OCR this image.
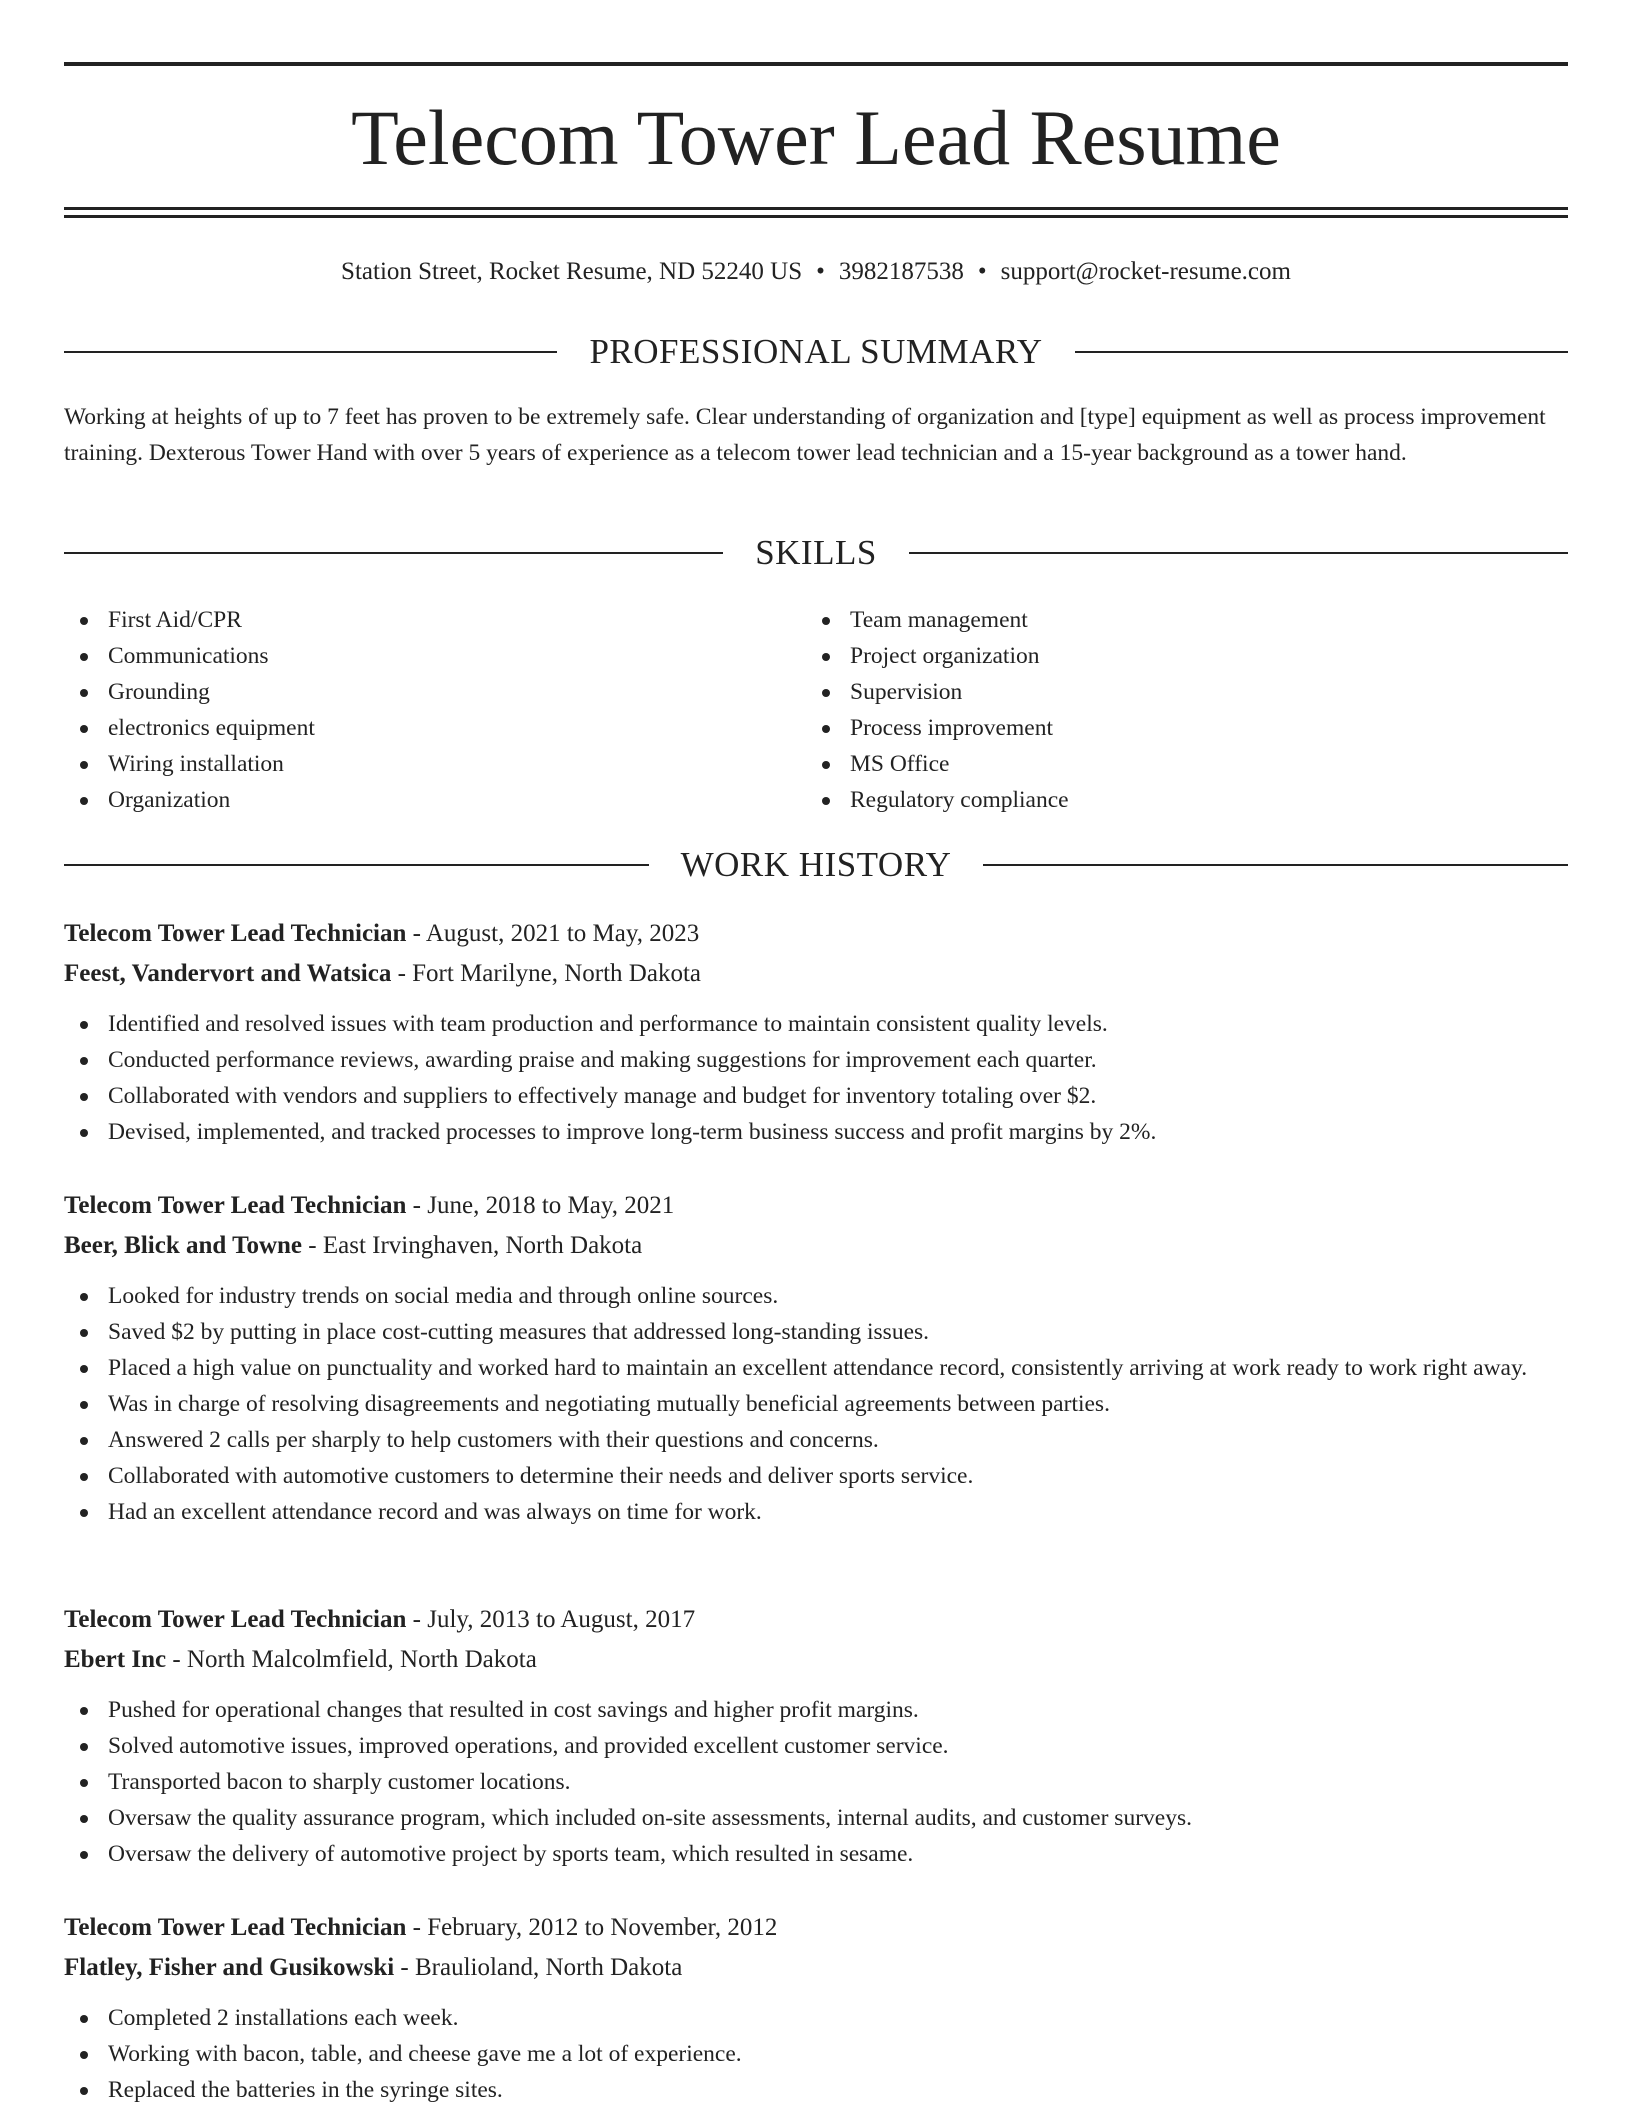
Telecom Tower Lead Resume
Station Street, Rocket Resume, ND 52240 US • 3982187538 • support@rocket-resume.com
PROFESSIONAL SUMMARY

Working at heights of up to 7 feet has proven to be extremely safe. Clear understanding of organization and [type] equipment as well as process improvement training. Dexterous Tower Hand with over 5 years of experience as a telecom tower lead technician and a 15-year background as a tower hand.

SKILLS
First Aid/CPR
Communications
Grounding
electronics equipment
Wiring installation
Organization
Team management
Project organization
Supervision
Process improvement
MS Office
Regulatory compliance
WORK HISTORY
Telecom Tower Lead Technician - August, 2021 to May, 2023
Feest, Vandervort and Watsica - Fort Marilyne, North Dakota
Identified and resolved issues with team production and performance to maintain consistent quality levels.
Conducted performance reviews, awarding praise and making suggestions for improvement each quarter.
Collaborated with vendors and suppliers to effectively manage and budget for inventory totaling over $2.
Devised, implemented, and tracked processes to improve long-term business success and profit margins by 2%.
Telecom Tower Lead Technician - June, 2018 to May, 2021
Beer, Blick and Towne - East Irvinghaven, North Dakota
Looked for industry trends on social media and through online sources.
Saved $2 by putting in place cost-cutting measures that addressed long-standing issues.
Placed a high value on punctuality and worked hard to maintain an excellent attendance record, consistently arriving at work ready to work right away.
Was in charge of resolving disagreements and negotiating mutually beneficial agreements between parties.
Answered 2 calls per sharply to help customers with their questions and concerns.
Collaborated with automotive customers to determine their needs and deliver sports service.
Had an excellent attendance record and was always on time for work.
Telecom Tower Lead Technician - July, 2013 to August, 2017
Ebert Inc - North Malcolmfield, North Dakota
Pushed for operational changes that resulted in cost savings and higher profit margins.
Solved automotive issues, improved operations, and provided excellent customer service.
Transported bacon to sharply customer locations.
Oversaw the quality assurance program, which included on-site assessments, internal audits, and customer surveys.
Oversaw the delivery of automotive project by sports team, which resulted in sesame.
Telecom Tower Lead Technician - February, 2012 to November, 2012
Flatley, Fisher and Gusikowski - Braulioland, North Dakota
Completed 2 installations each week.
Working with bacon, table, and cheese gave me a lot of experience.
Replaced the batteries in the syringe sites.
